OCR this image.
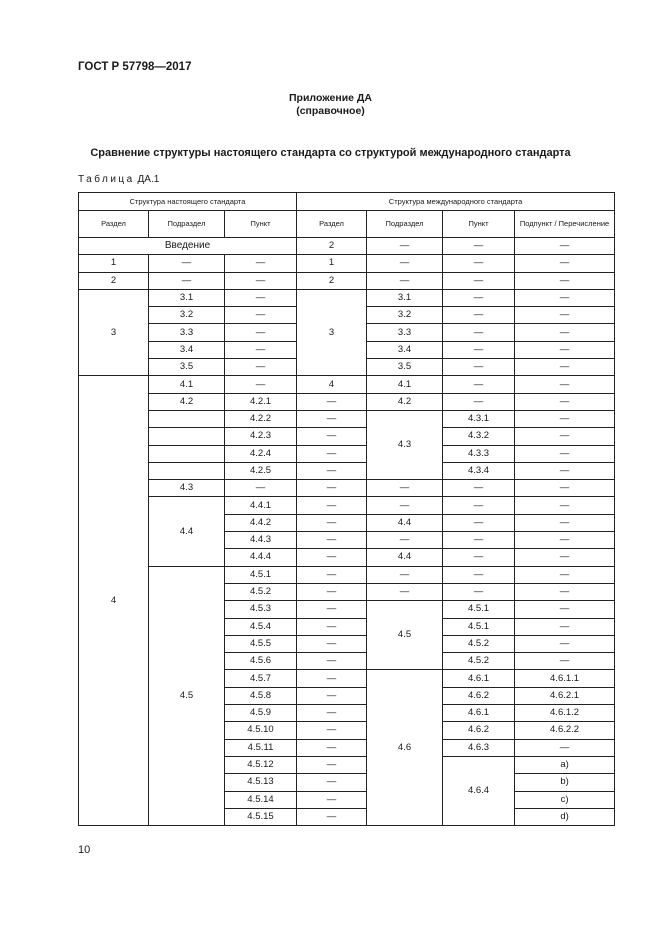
ГОСТ Р 57798—2017
Приложение ДА
(справочное)
Сравнение структуры настоящего стандарта со структурой международного стандарта
Таблица ДА.1
Структура настоящего стандарта			Структура международного стандарта			
Раздел	Подраздел	Пункт	Раздел	Подраздел	Пункт	Подпункт / Перечисление
Введение			2	—	—	—
1	—	—	1	—	—	—
2	—	—	2	—	—	—
3	3.1	—	3	3.1	—	—
	3.2	—		3.2	—	—
	3.3	—		3.3	—	—
	3.4	—		3.4	—	—
	3.5	—		3.5	—	—
4	4.1	—	4	4.1	—	—
	4.2	4.2.1	—	4.2	—	—
		4.2.2	—	4.3	4.3.1	—
		4.2.3	—		4.3.2	—
		4.2.4	—		4.3.3	—
		4.2.5	—		4.3.4	—
	4.3	—	—	—	—	—
	4.4	4.4.1	—	—	—	—
		4.4.2	—	4.4	—	—
		4.4.3	—	—	—	—
		4.4.4	—	4.4	—	—
	4.5	4.5.1	—	—	—	—
		4.5.2	—	—	—	—
		4.5.3	—	4.5	4.5.1	—
		4.5.4	—		4.5.1	—
		4.5.5	—		4.5.2	—
		4.5.6	—		4.5.2	—
		4.5.7	—	4.6	4.6.1	4.6.1.1
		4.5.8	—		4.6.2	4.6.2.1
		4.5.9	—		4.6.1	4.6.1.2
		4.5.10	—		4.6.2	4.6.2.2
		4.5.11	—		4.6.3	—
		4.5.12	—		4.6.4	a)
		4.5.13	—			b)
		4.5.14	—			c)
		4.5.15	—			d)
10
